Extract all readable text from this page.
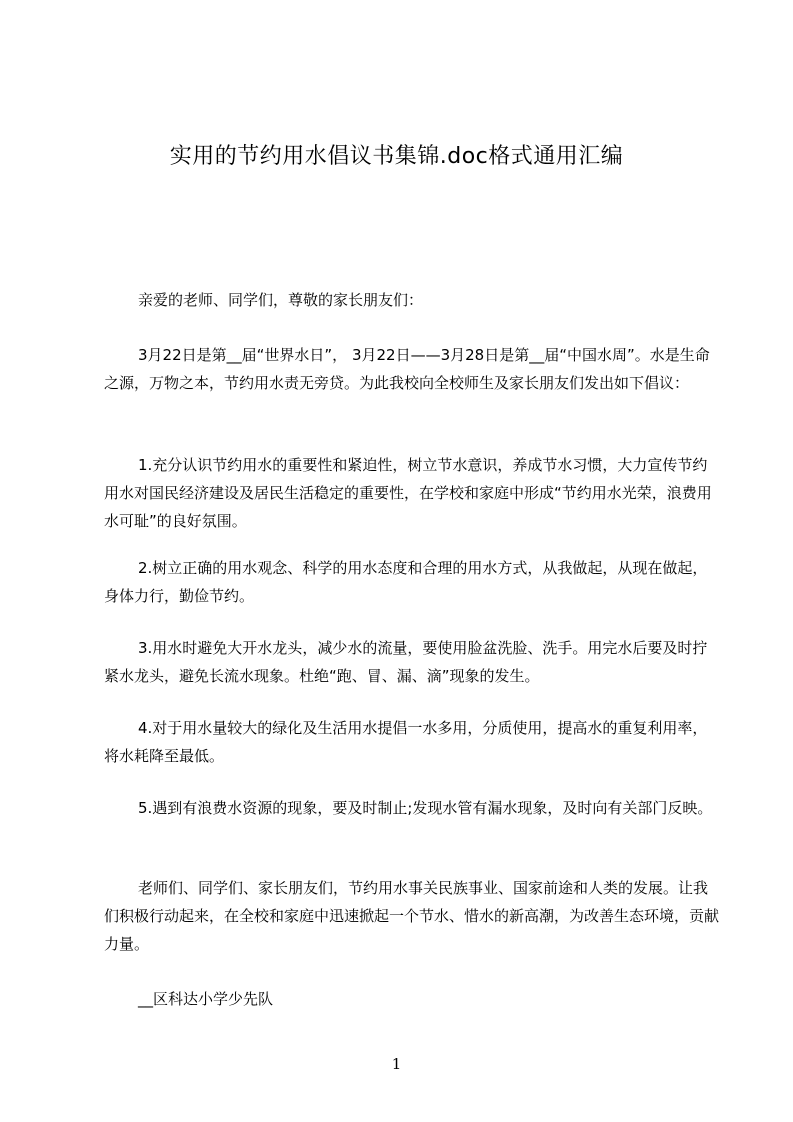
实用的节约用水倡议书集锦.doc格式通用汇编

亲爱的老师、同学们，尊敬的家长朋友们：

3月22日是第__届“世界水日”， 3月22日——3月28日是第__届“中国水周”。水是生命之源，万物之本，节约用水责无旁贷。为此我校向全校师生及家长朋友们发出如下倡议：

1.充分认识节约用水的重要性和紧迫性，树立节水意识，养成节水习惯，大力宣传节约用水对国民经济建设及居民生活稳定的重要性，在学校和家庭中形成“节约用水光荣，浪费用水可耻”的良好氛围。

2.树立正确的用水观念、科学的用水态度和合理的用水方式，从我做起，从现在做起，身体力行，勤俭节约。

3.用水时避免大开水龙头，减少水的流量，要使用脸盆洗脸、洗手。用完水后要及时拧紧水龙头，避免长流水现象。杜绝“跑、冒、漏、滴”现象的发生。

4.对于用水量较大的绿化及生活用水提倡一水多用，分质使用，提高水的重复利用率，将水耗降至最低。

5.遇到有浪费水资源的现象，要及时制止;发现水管有漏水现象，及时向有关部门反映。

老师们、同学们、家长朋友们，节约用水事关民族事业、国家前途和人类的发展。让我们积极行动起来，在全校和家庭中迅速掀起一个节水、惜水的新高潮，为改善生态环境，贡献力量。

__区科达小学少先队

1
